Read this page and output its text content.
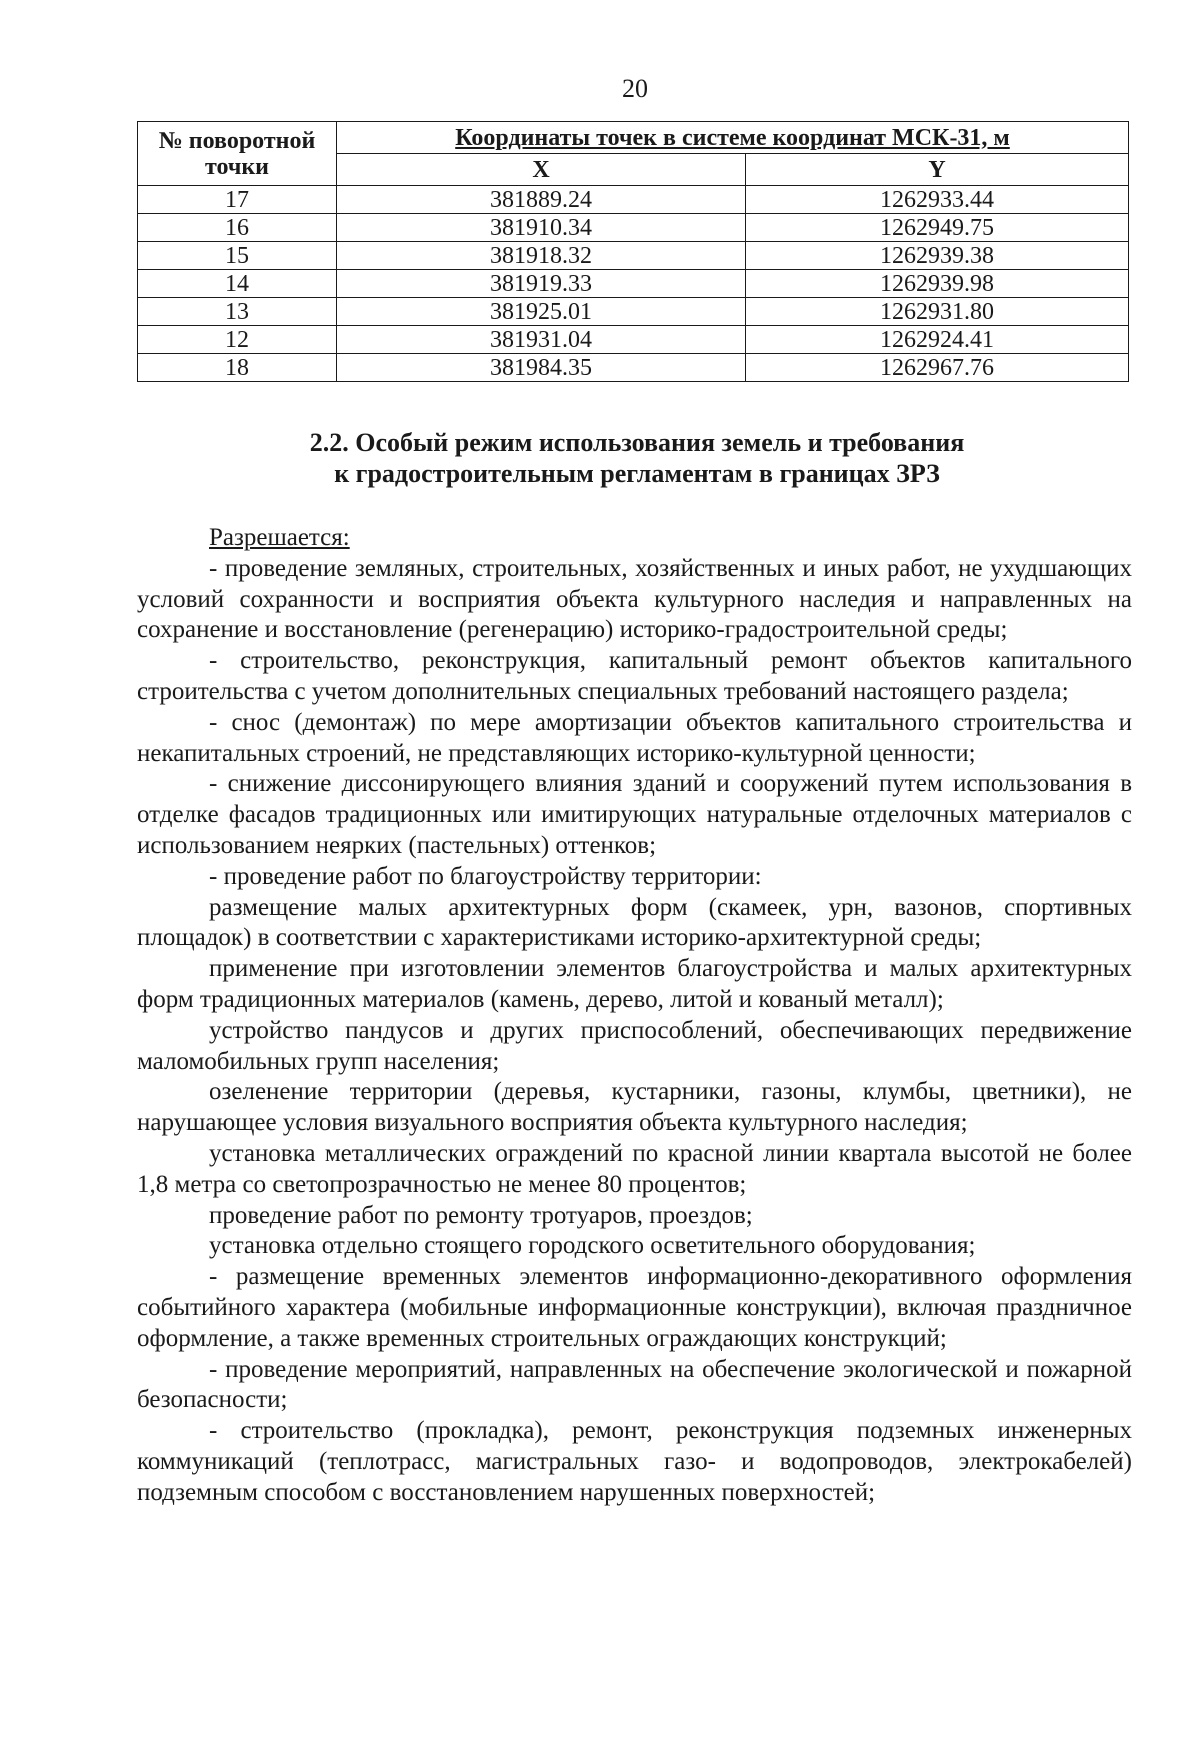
20
№ поворотной точки	Координаты точек в системе координат МСК-31, м	
	X	Y
17	381889.24	1262933.44
16	381910.34	1262949.75
15	381918.32	1262939.38
14	381919.33	1262939.98
13	381925.01	1262931.80
12	381931.04	1262924.41
18	381984.35	1262967.76
2.2. Особый режим использования земель и требования
к градостроительным регламентам в границах ЗРЗ

Разрешается:

- проведение земляных, строительных, хозяйственных и иных работ, не ухудшающих условий сохранности и восприятия объекта культурного наследия и направленных на сохранение и восстановление (регенерацию) историко-градостроительной среды;

- строительство, реконструкция, капитальный ремонт объектов капитального строительства с учетом дополнительных специальных требований настоящего раздела;

- снос (демонтаж) по мере амортизации объектов капитального строительства и некапитальных строений, не представляющих историко-культурной ценности;

- снижение диссонирующего влияния зданий и сооружений путем использования в отделке фасадов традиционных или имитирующих натуральные отделочных материалов с использованием неярких (пастельных) оттенков;

- проведение работ по благоустройству территории:

размещение малых архитектурных форм (скамеек, урн, вазонов, спортивных площадок) в соответствии с характеристиками историко-архитектурной среды;

применение при изготовлении элементов благоустройства и малых архитектурных форм традиционных материалов (камень, дерево, литой и кованый металл);

устройство пандусов и других приспособлений, обеспечивающих передвижение маломобильных групп населения;

озеленение территории (деревья, кустарники, газоны, клумбы, цветники), не нарушающее условия визуального восприятия объекта культурного наследия;

установка металлических ограждений по красной линии квартала высотой не более 1,8 метра со светопрозрачностью не менее 80 процентов;

проведение работ по ремонту тротуаров, проездов;

установка отдельно стоящего городского осветительного оборудования;

- размещение временных элементов информационно-декоративного оформления событийного характера (мобильные информационные конструкции), включая праздничное оформление, а также временных строительных ограждающих конструкций;

- проведение мероприятий, направленных на обеспечение экологической и пожарной безопасности;

- строительство (прокладка), ремонт, реконструкция подземных инженерных коммуникаций (теплотрасс, магистральных газо- и водопроводов, электрокабелей) подземным способом с восстановлением нарушенных поверхностей;
